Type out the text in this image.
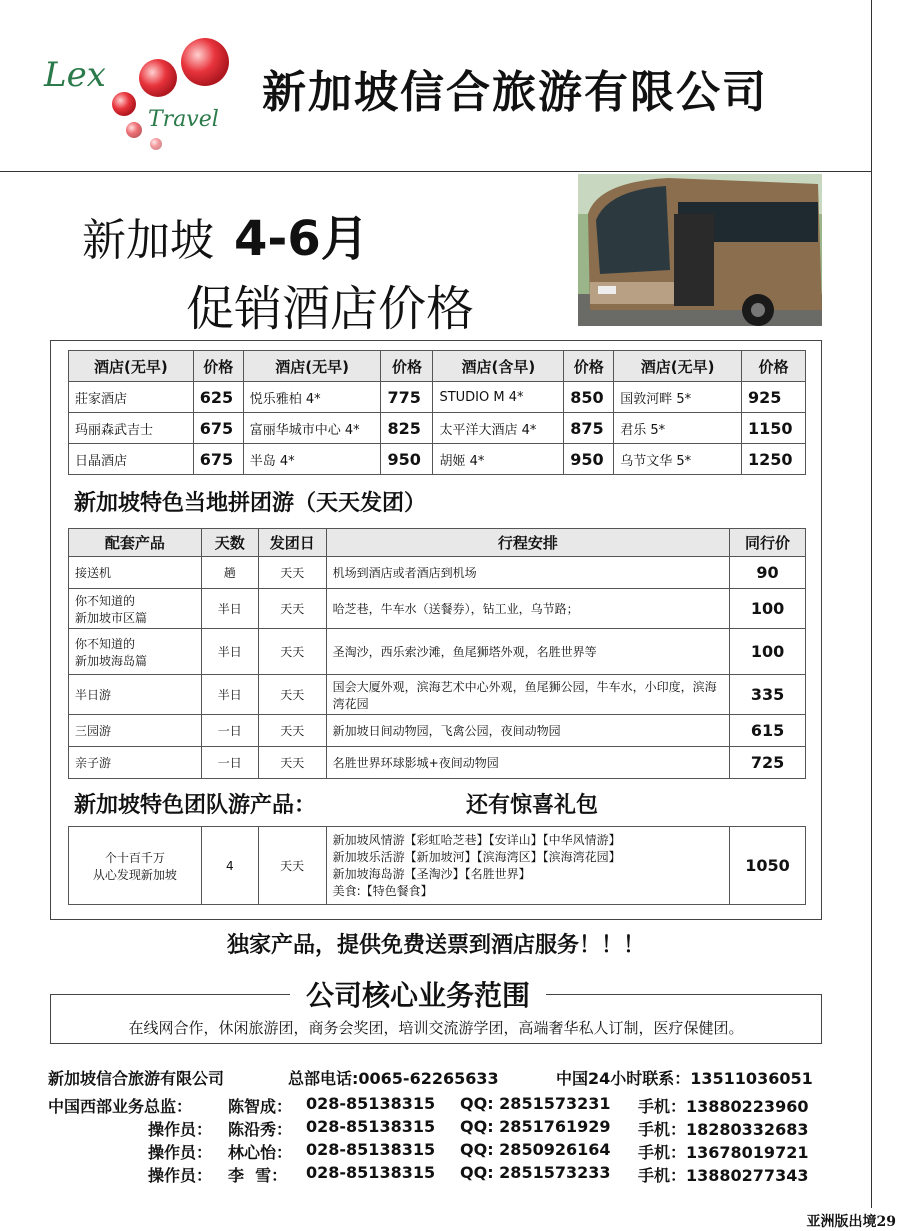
Lex
Travel
新加坡信合旅游有限公司
新加坡 4-6月
促销酒店价格
酒店(无早)	价格	酒店(无早)	价格	酒店(含早)	价格	酒店(无早)	价格
莊家酒店	625	悦乐雅柏 4*	775	STUDIO M 4*	850	国敦河畔 5*	925
玛丽森武吉士	675	富丽华城市中心 4*	825	太平洋大酒店 4*	875	君乐 5*	1150
日晶酒店	675	半岛 4*	950	胡姬 4*	950	乌节文华 5*	1250
新加坡特色当地拼团游（天天发团）
配套产品	天数	发团日	行程安排	同行价
接送机	趟	天天	机场到酒店或者酒店到机场	90
你不知道的
新加坡市区篇	半日	天天	哈芝巷，牛车水（送餐券），钻工业，乌节路；	100
你不知道的
新加坡海岛篇	半日	天天	圣淘沙，西乐索沙滩，鱼尾狮塔外观，名胜世界等	100
半日游	半日	天天	国会大厦外观，滨海艺术中心外观，鱼尾狮公园，牛车水，小印度，滨海湾花园	335
三园游	一日	天天	新加坡日间动物园，飞禽公园，夜间动物园	615
亲子游	一日	天天	名胜世界环球影城+夜间动物园	725
新加坡特色团队游产品：	还有惊喜礼包
个十百千万
从心发现新加坡	4	天天	新加坡风情游【彩虹哈芝巷】【安详山】【中华风情游】
新加坡乐活游【新加坡河】【滨海湾区】【滨海湾花园】
新加坡海岛游【圣淘沙】【名胜世界】
美食:【特色餐食】	1050
独家产品，提供免费送票到酒店服务！！！
公司核心业务范围
在线网合作，休闲旅游团，商务会奖团，培训交流游学团，高端奢华私人订制，医疗保健团。
新加坡信合旅游有限公司	总部电话:0065-62265633	中国24小时联系：13511036051
中国西部业务总监： 陈智成： 028-85138315 QQ: 2851573231 手机：13880223960
操作员： 陈沿秀： 028-85138315 QQ: 2851761929 手机：18280332683
操作员： 林心怡： 028-85138315 QQ: 2850926164 手机：13678019721
操作员： 李  雪： 028-85138315 QQ: 2851573233 手机：13880277343
亚洲版出境29
